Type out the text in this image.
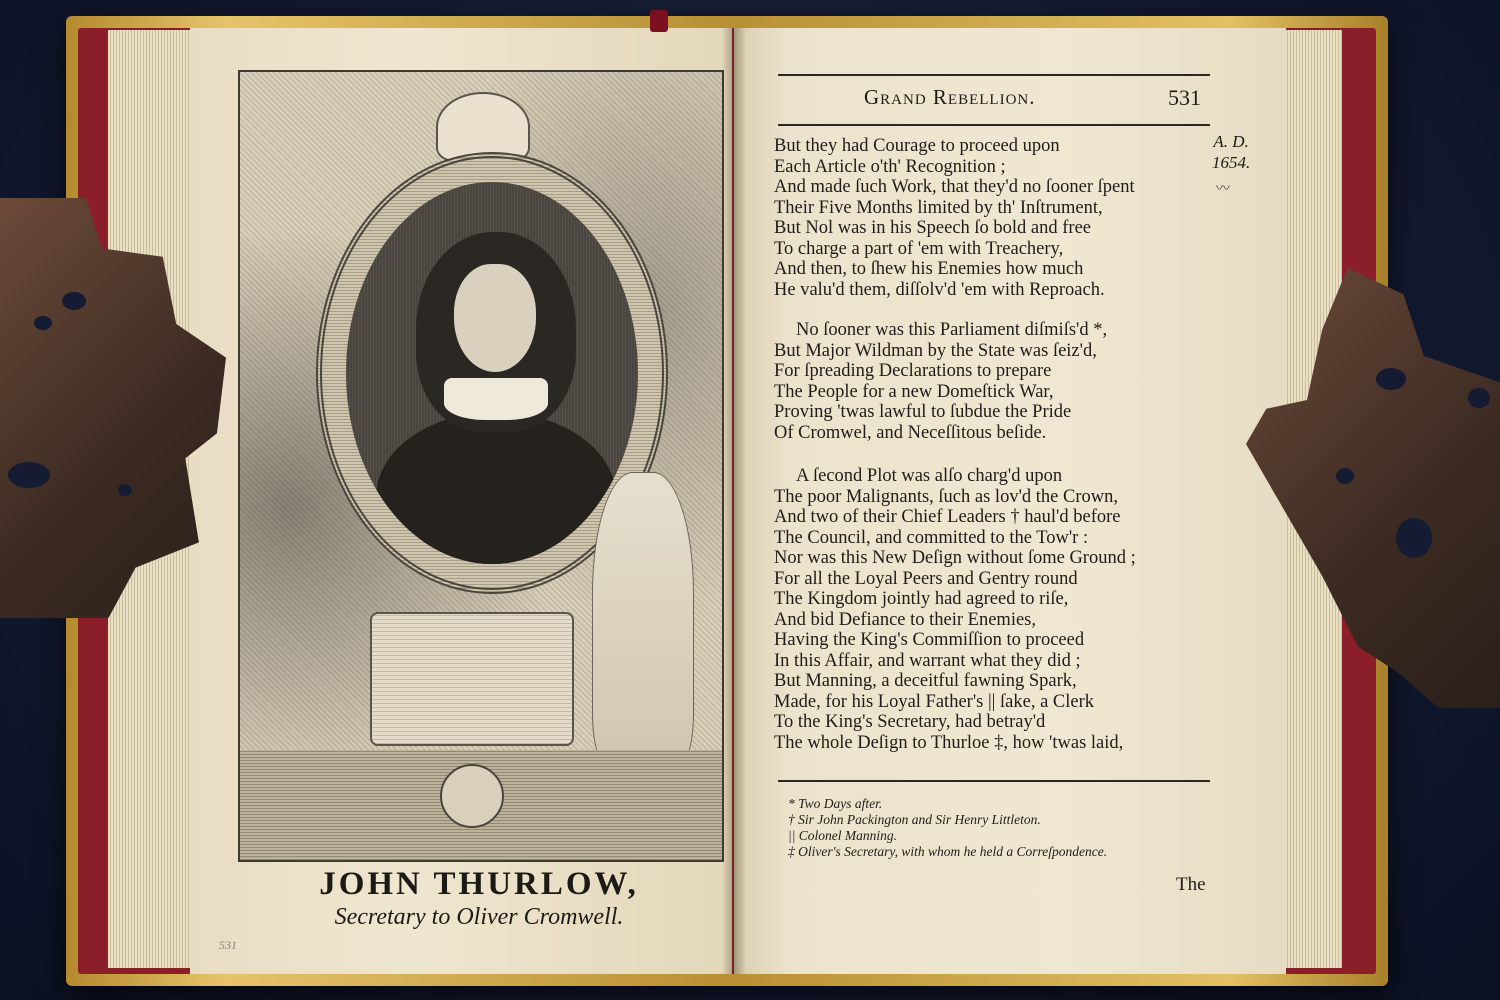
JOHN THURLOW,
Secretary to Oliver Cromwell.
531
Grand Rebellion.	531
A. D.
1654.
〰
But they had Courage to proceed upon
Each Article o'th' Recognition ;
And made ſuch Work, that they'd no ſooner ſpent
Their Five Months limited by th' Inſtrument,
But Nol was in his Speech ſo bold and free
To charge a part of 'em with Treachery,
And then, to ſhew his Enemies how much
He valu'd them, diſſolv'd 'em with Reproach.
No ſooner was this Parliament diſmiſs'd *,
But Major Wildman by the State was ſeiz'd,
For ſpreading Declarations to prepare
The People for a new Domeſtick War,
Proving 'twas lawful to ſubdue the Pride
Of Cromwel, and Neceſſitous beſide.
A ſecond Plot was alſo charg'd upon
The poor Malignants, ſuch as lov'd the Crown,
And two of their Chief Leaders † haul'd before
The Council, and committed to the Tow'r :
Nor was this New Deſign without ſome Ground ;
For all the Loyal Peers and Gentry round
The Kingdom jointly had agreed to riſe,
And bid Defiance to their Enemies,
Having the King's Commiſſion to proceed
In this Affair, and warrant what they did ;
But Manning, a deceitful fawning Spark,
Made, for his Loyal Father's || ſake, a Clerk
To the King's Secretary, had betray'd
The whole Deſign to Thurloe ‡, how 'twas laid,
* Two Days after.
† Sir John Packington and Sir Henry Littleton.
|| Colonel Manning.
‡ Oliver's Secretary, with whom he held a Correſpondence.
The
